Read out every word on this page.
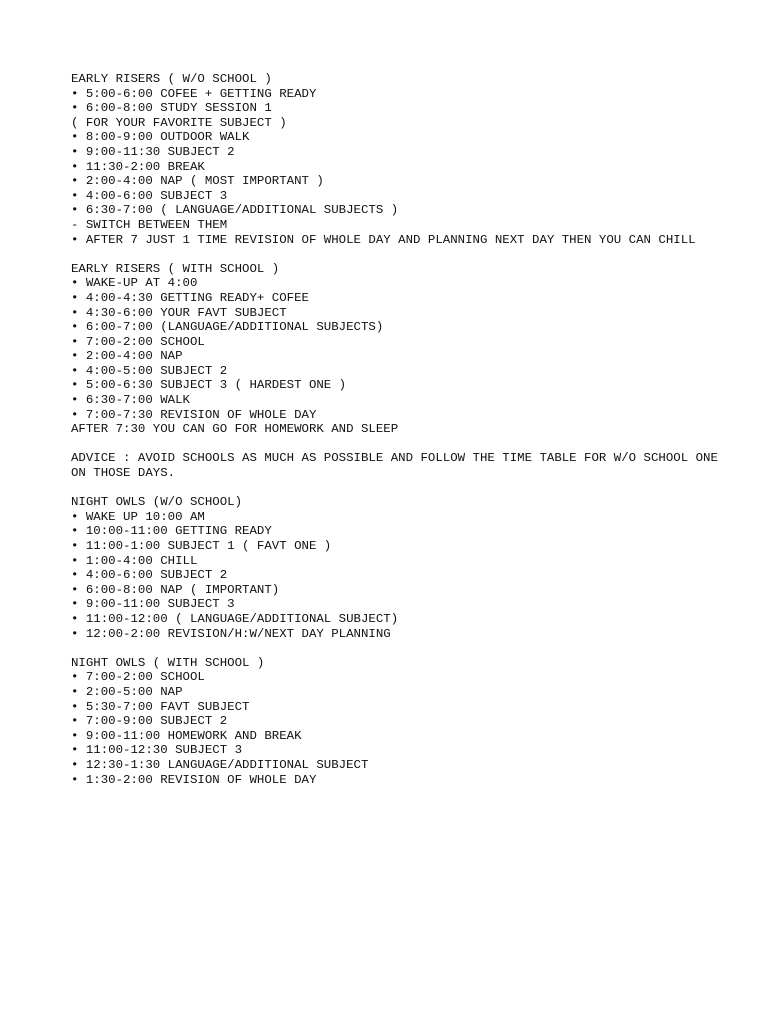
EARLY RISERS ( W/O SCHOOL )

• 5:00-6:00 COFEE + GETTING READY

• 6:00-8:00 STUDY SESSION 1

( FOR YOUR FAVORITE SUBJECT )

• 8:00-9:00 OUTDOOR WALK

• 9:00-11:30 SUBJECT 2

• 11:30-2:00 BREAK

• 2:00-4:00 NAP ( MOST IMPORTANT )

• 4:00-6:00 SUBJECT 3

• 6:30-7:00 ( LANGUAGE/ADDITIONAL SUBJECTS )

- SWITCH BETWEEN THEM

• AFTER 7 JUST 1 TIME REVISION OF WHOLE DAY AND PLANNING NEXT DAY THEN YOU CAN CHILL

EARLY RISERS ( WITH SCHOOL )

• WAKE-UP AT 4:00

• 4:00-4:30 GETTING READY+ COFEE

• 4:30-6:00 YOUR FAVT SUBJECT

• 6:00-7:00 (LANGUAGE/ADDITIONAL SUBJECTS)

• 7:00-2:00 SCHOOL

• 2:00-4:00 NAP

• 4:00-5:00 SUBJECT 2

• 5:00-6:30 SUBJECT 3 ( HARDEST ONE )

• 6:30-7:00 WALK

• 7:00-7:30 REVISION OF WHOLE DAY

AFTER 7:30 YOU CAN GO FOR HOMEWORK AND SLEEP

ADVICE : AVOID SCHOOLS AS MUCH AS POSSIBLE AND FOLLOW THE TIME TABLE FOR W/O SCHOOL ONE ON THOSE DAYS.

NIGHT OWLS (W/O SCHOOL)

• WAKE UP 10:00 AM

• 10:00-11:00 GETTING READY

• 11:00-1:00 SUBJECT 1 ( FAVT ONE )

• 1:00-4:00 CHILL

• 4:00-6:00 SUBJECT 2

• 6:00-8:00 NAP ( IMPORTANT)

• 9:00-11:00 SUBJECT 3

• 11:00-12:00 ( LANGUAGE/ADDITIONAL SUBJECT)

• 12:00-2:00 REVISION/H:W/NEXT DAY PLANNING

NIGHT OWLS ( WITH SCHOOL )

• 7:00-2:00 SCHOOL

• 2:00-5:00 NAP

• 5:30-7:00 FAVT SUBJECT

• 7:00-9:00 SUBJECT 2

• 9:00-11:00 HOMEWORK AND BREAK

• 11:00-12:30 SUBJECT 3

• 12:30-1:30 LANGUAGE/ADDITIONAL SUBJECT

• 1:30-2:00 REVISION OF WHOLE DAY
